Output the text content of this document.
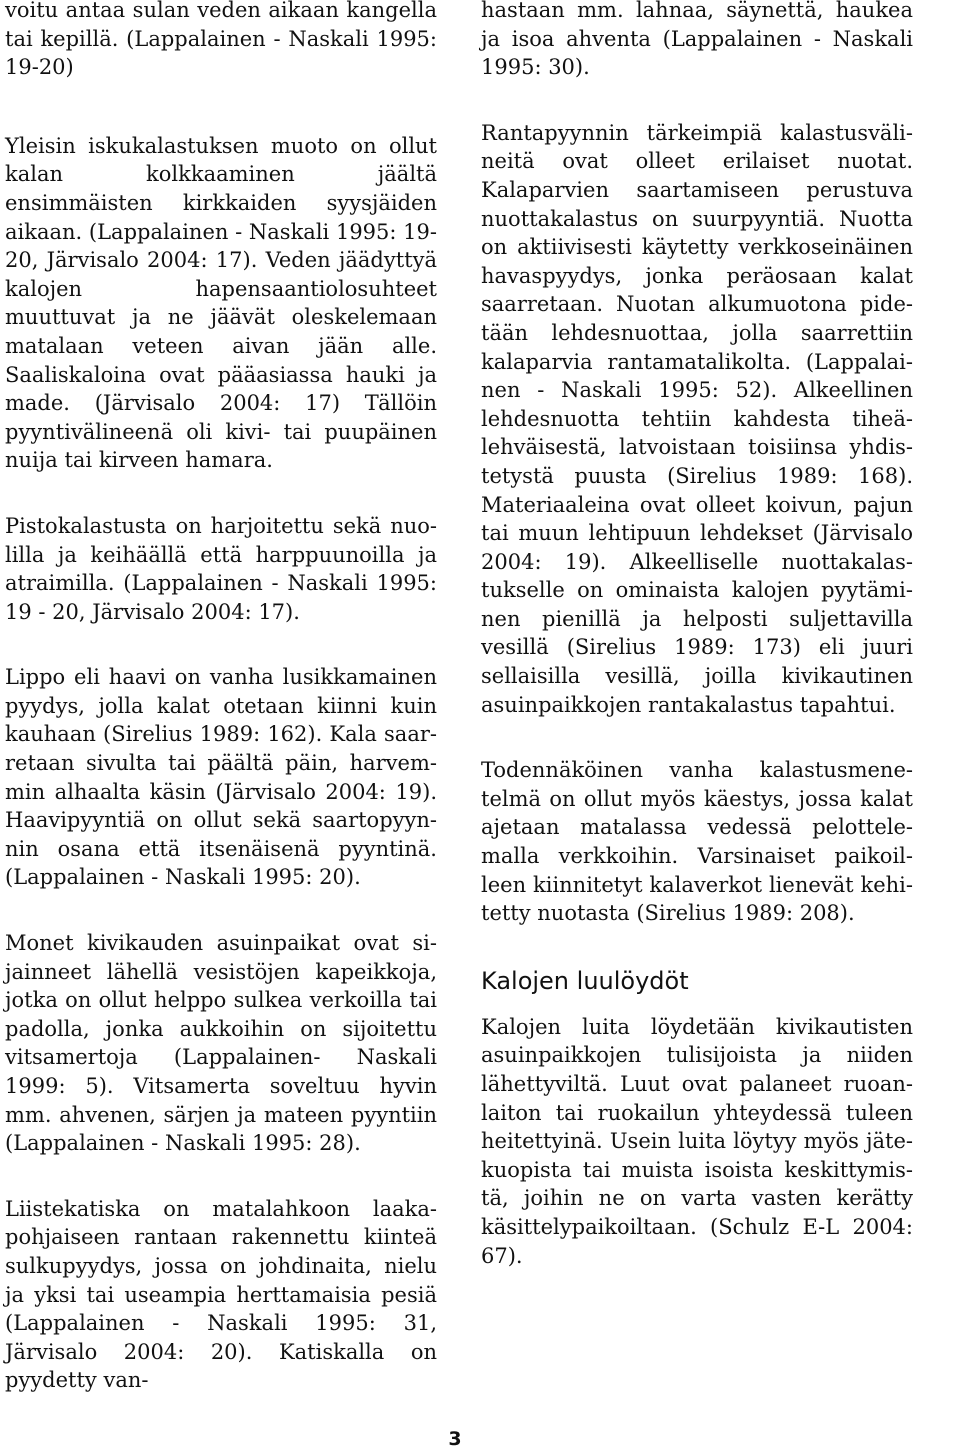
voitu antaa sulan veden aikaan kangella tai kepillä. (Lappalainen - Naskali 1995: 19-20)

Yleisin iskukalastuksen muoto on ollut kalan kolkkaaminen jäältä ensimmäisten kirkkaiden syysjäiden aikaan. (Lappalainen - Naskali 1995: 19-20, Järvisalo 2004: 17). Veden jäädyttyä kalojen hapensaantiolosuhteet muuttuvat ja ne jäävät oleskelemaan matalaan veteen aivan jään alle. Saaliskaloina ovat pääasiassa hauki ja made. (Järvisalo 2004: 17) Tällöin pyyntivälineenä oli kivi- tai puupäinen nuija tai kirveen hamara.

Pistokalastusta on harjoitettu sekä nuolilla ja keihäällä että harppuunoilla ja atraimilla. (Lappalainen - Naskali 1995: 19 - 20, Järvisalo 2004: 17).

Lippo eli haavi on vanha lusikkamainen pyydys, jolla kalat otetaan kiinni kuin kauhaan (Sirelius 1989: 162). Kala saarretaan sivulta tai päältä päin, harvemmin alhaalta käsin (Järvisalo 2004: 19). Haavipyyntiä on ollut sekä saartopyynnin osana että itsenäisenä pyyntinä. (Lappalainen - Naskali 1995: 20).

Monet kivikauden asuinpaikat ovat sijainneet lähellä vesistöjen kapeikkoja, jotka on ollut helppo sulkea verkoilla tai padolla, jonka aukkoihin on sijoitettu vitsamertoja (Lappalainen- Naskali 1999: 5). Vitsamerta soveltuu hyvin mm. ahvenen, särjen ja mateen pyyntiin (Lappalainen - Naskali 1995: 28).

Liistekatiska on matalahkoon laakapohjaiseen rantaan rakennettu kiinteä sulkupyydys, jossa on johdinaita, nielu ja yksi tai useampia herttamaisia pesiä (Lappalainen - Naskali 1995: 31, Järvisalo 2004: 20). Katiskalla on pyydetty van-

hastaan mm. lahnaa, säynettä, haukea ja isoa ahventa (Lappalainen - Naskali 1995: 30).

Rantapyynnin tärkeimpiä kalastusvälineitä ovat olleet erilaiset nuotat. Kalaparvien saartamiseen perustuva nuottakalastus on suurpyyntiä. Nuotta on aktiivisesti käytetty verkkoseinäinen havaspyydys, jonka peräosaan kalat saarretaan. Nuotan alkumuotona pidetään lehdesnuottaa, jolla saarrettiin kalaparvia rantamatalikolta. (Lappalainen - Naskali 1995: 52). Alkeellinen lehdesnuotta tehtiin kahdesta tiheälehväisestä, latvoistaan toisiinsa yhdistetystä puusta (Sirelius 1989: 168). Materiaaleina ovat olleet koivun, pajun tai muun lehtipuun lehdekset (Järvisalo 2004: 19). Alkeelliselle nuottakalastukselle on ominaista kalojen pyytäminen pienillä ja helposti suljettavilla vesillä (Sirelius 1989: 173) eli juuri sellaisilla vesillä, joilla kivikautinen asuinpaikkojen rantakalastus tapahtui.

Todennäköinen vanha kalastusmenetelmä on ollut myös käestys, jossa kalat ajetaan matalassa vedessä pelottelemalla verkkoihin. Varsinaiset paikoilleen kiinnitetyt kalaverkot lienevät kehitetty nuotasta (Sirelius 1989: 208).

Kalojen luulöydöt

Kalojen luita löydetään kivikautisten asuinpaikkojen tulisijoista ja niiden lähettyviltä. Luut ovat palaneet ruoanlaiton tai ruokailun yhteydessä tuleen heitettyinä. Usein luita löytyy myös jätekuopista tai muista isoista keskittymistä, joihin ne on varta vasten kerätty käsittelypaikoiltaan. (Schulz E-L 2004: 67).

3
